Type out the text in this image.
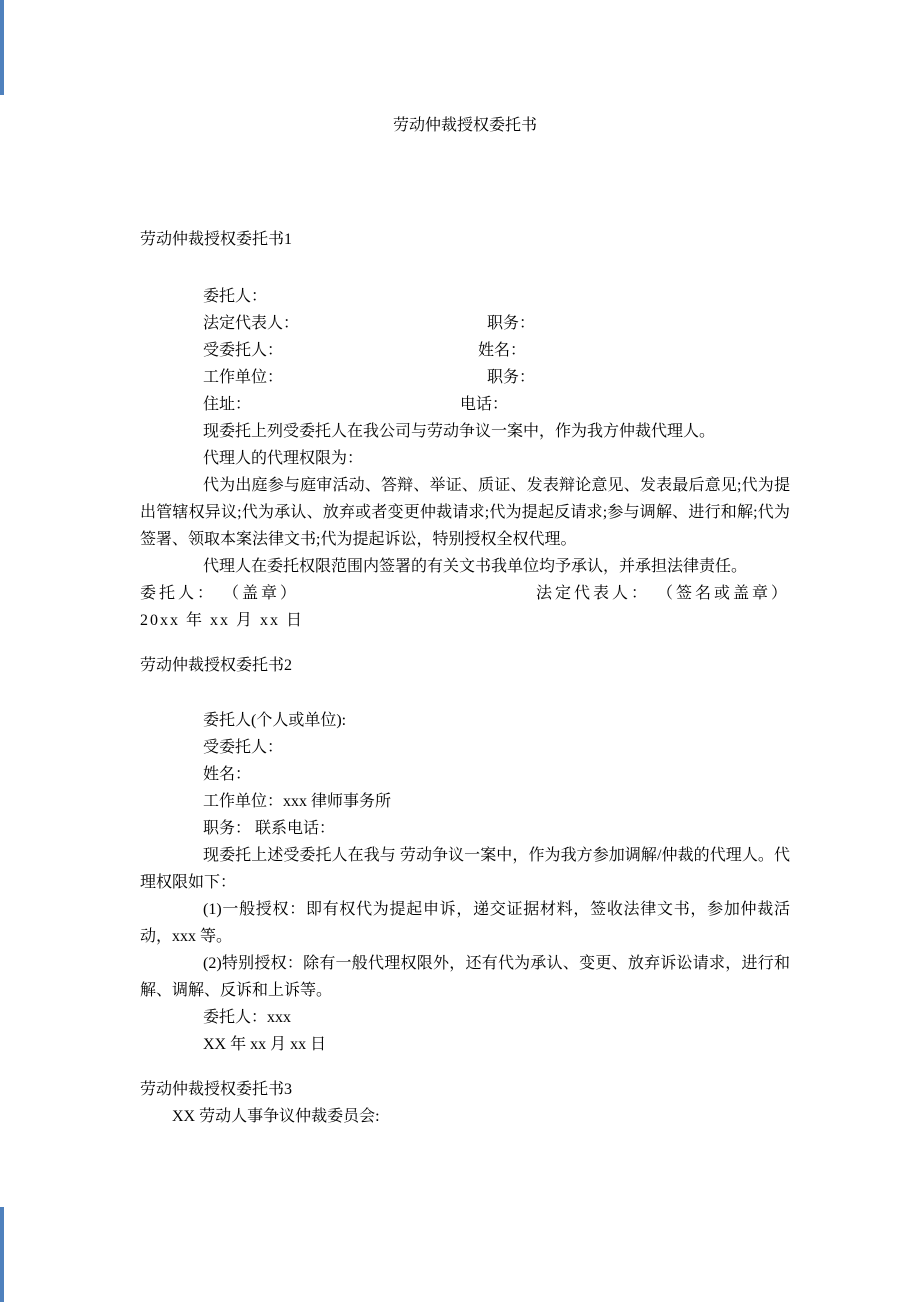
劳动仲裁授权委托书
劳动仲裁授权委托书1
委托人：
法定代表人：	职务：
受委托人：	姓名：
工作单位：	职务：
住址：	电话：

现委托上列受委托人在我公司与劳动争议一案中，作为我方仲裁代理人。

代理人的代理权限为：

代为出庭参与庭审活动、答辩、举证、质证、发表辩论意见、发表最后意见;代为提出管辖权异议;代为承认、放弃或者变更仲裁请求;代为提起反请求;参与调解、进行和解;代为签署、领取本案法律文书;代为提起诉讼，特别授权全权代理。

代理人在委托权限范围内签署的有关文书我单位均予承认，并承担法律责任。

委托人： （盖章）	法定代表人： （签名或盖章）
20xx 年 xx 月 xx 日
劳动仲裁授权委托书2
委托人(个人或单位):
受委托人：
姓名：
工作单位：xxx 律师事务所
职务： 联系电话：

现委托上述受委托人在我与 劳动争议一案中，作为我方参加调解/仲裁的代理人。代理权限如下：

(1)一般授权：即有权代为提起申诉，递交证据材料，签收法律文书，参加仲裁活动，xxx 等。

(2)特别授权：除有一般代理权限外，还有代为承认、变更、放弃诉讼请求，进行和解、调解、反诉和上诉等。

委托人：xxx
XX 年 xx 月 xx 日
劳动仲裁授权委托书3
XX 劳动人事争议仲裁委员会:
